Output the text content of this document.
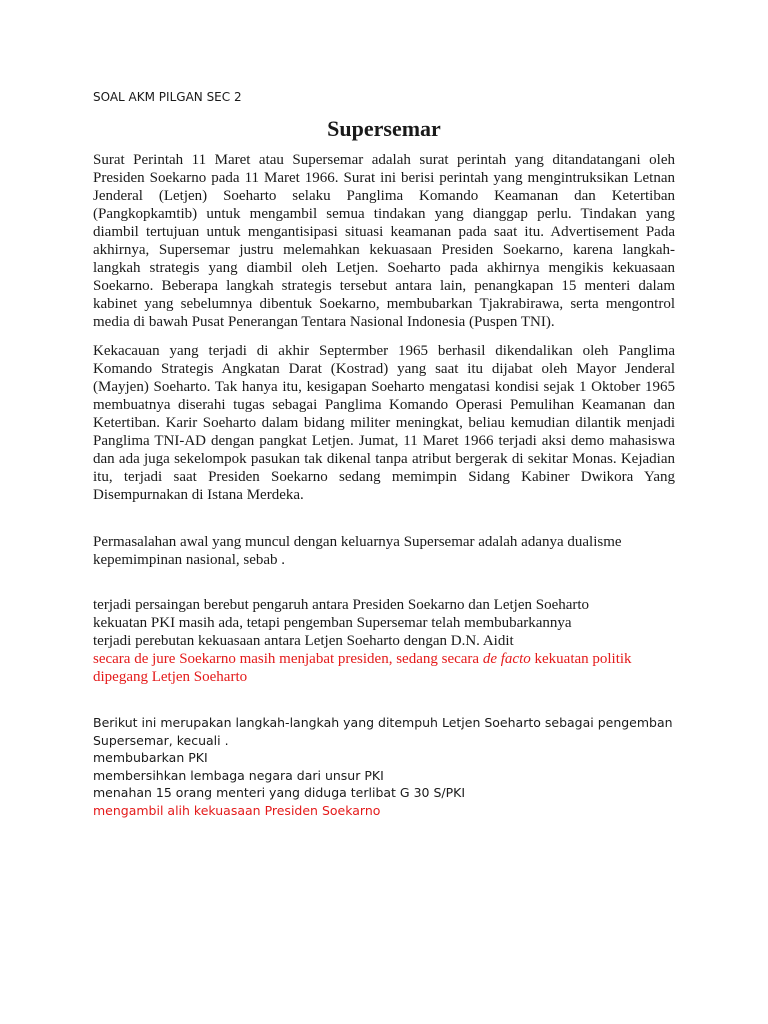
SOAL AKM PILGAN SEC 2
Supersemar

Surat Perintah 11 Maret atau Supersemar adalah surat perintah yang ditandatangani oleh Presiden Soekarno pada 11 Maret 1966. Surat ini berisi perintah yang mengintruksikan Letnan Jenderal (Letjen) Soeharto selaku Panglima Komando Keamanan dan Ketertiban (Pangkopkamtib) untuk mengambil semua tindakan yang dianggap perlu. Tindakan yang diambil tertujuan untuk mengantisipasi situasi keamanan pada saat itu. Advertisement Pada akhirnya, Supersemar justru melemahkan kekuasaan Presiden Soekarno, karena langkah-langkah strategis yang diambil oleh Letjen. Soeharto pada akhirnya mengikis kekuasaan Soekarno. Beberapa langkah strategis tersebut antara lain, penangkapan 15 menteri dalam kabinet yang sebelumnya dibentuk Soekarno, membubarkan Tjakrabirawa, serta mengontrol media di bawah Pusat Penerangan Tentara Nasional Indonesia (Puspen TNI).

Kekacauan yang terjadi di akhir Septermber 1965 berhasil dikendalikan oleh Panglima Komando Strategis Angkatan Darat (Kostrad) yang saat itu dijabat oleh Mayor Jenderal (Mayjen) Soeharto. Tak hanya itu, kesigapan Soeharto mengatasi kondisi sejak 1 Oktober 1965 membuatnya diserahi tugas sebagai Panglima Komando Operasi Pemulihan Keamanan dan Ketertiban. Karir Soeharto dalam bidang militer meningkat, beliau kemudian dilantik menjadi Panglima TNI-AD dengan pangkat Letjen. Jumat, 11 Maret 1966 terjadi aksi demo mahasiswa dan ada juga sekelompok pasukan tak dikenal tanpa atribut bergerak di sekitar Monas. Kejadian itu, terjadi saat Presiden Soekarno sedang memimpin Sidang Kabiner Dwikora Yang Disempurnakan di Istana Merdeka.

Permasalahan awal yang muncul dengan keluarnya Supersemar adalah adanya dualisme kepemimpinan nasional, sebab .

terjadi persaingan berebut pengaruh antara Presiden Soekarno dan Letjen Soeharto
kekuatan PKI masih ada, tetapi pengemban Supersemar telah membubarkannya
terjadi perebutan kekuasaan antara Letjen Soeharto dengan D.N. Aidit
secara de jure Soekarno masih menjabat presiden, sedang secara de facto kekuatan politik dipegang Letjen Soeharto
Berikut ini merupakan langkah-langkah yang ditempuh Letjen Soeharto sebagai pengemban Supersemar, kecuali .
membubarkan PKI
membersihkan lembaga negara dari unsur PKI
menahan 15 orang menteri yang diduga terlibat G 30 S/PKI
mengambil alih kekuasaan Presiden Soekarno
